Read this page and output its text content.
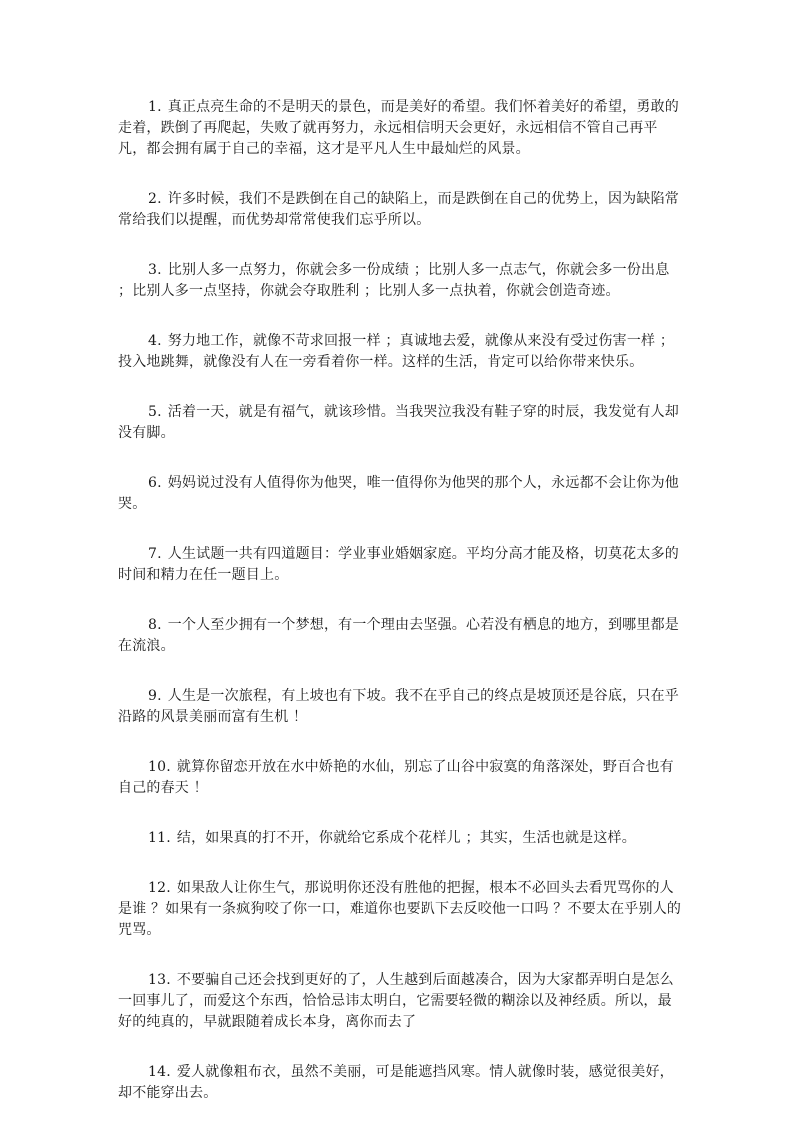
1. 真正点亮生命的不是明天的景色，而是美好的希望。我们怀着美好的希望，勇敢的走着，跌倒了再爬起，失败了就再努力，永远相信明天会更好，永远相信不管自己再平凡，都会拥有属于自己的幸福，这才是平凡人生中最灿烂的风景。

2. 许多时候，我们不是跌倒在自己的缺陷上，而是跌倒在自己的优势上，因为缺陷常常给我们以提醒，而优势却常常使我们忘乎所以。

3. 比别人多一点努力，你就会多一份成绩 ；比别人多一点志气，你就会多一份出息 ；比别人多一点坚持，你就会夺取胜利 ；比别人多一点执着，你就会创造奇迹。

4. 努力地工作，就像不苛求回报一样 ；真诚地去爱，就像从来没有受过伤害一样 ；投入地跳舞，就像没有人在一旁看着你一样。这样的生活，肯定可以给你带来快乐。

5. 活着一天，就是有福气，就该珍惜。当我哭泣我没有鞋子穿的时辰，我发觉有人却没有脚。

6. 妈妈说过没有人值得你为他哭，唯一值得你为他哭的那个人，永远都不会让你为他哭。

7. 人生试题一共有四道题目：学业事业婚姻家庭。平均分高才能及格，切莫花太多的时间和精力在任一题目上。

8. 一个人至少拥有一个梦想，有一个理由去坚强。心若没有栖息的地方，到哪里都是在流浪。

9. 人生是一次旅程，有上坡也有下坡。我不在乎自己的终点是坡顶还是谷底，只在乎沿路的风景美丽而富有生机 ！

10. 就算你留恋开放在水中娇艳的水仙，别忘了山谷中寂寞的角落深处，野百合也有自己的春天 ！

11. 结，如果真的打不开，你就给它系成个花样儿 ；其实，生活也就是这样。

12. 如果敌人让你生气，那说明你还没有胜他的把握，根本不必回头去看咒骂你的人是谁 ？如果有一条疯狗咬了你一口，难道你也要趴下去反咬他一口吗 ？不要太在乎别人的咒骂。

13. 不要骗自己还会找到更好的了，人生越到后面越凑合，因为大家都弄明白是怎么一回事儿了，而爱这个东西，恰恰忌讳太明白，它需要轻微的糊涂以及神经质。所以，最好的纯真的，早就跟随着成长本身，离你而去了

14. 爱人就像粗布衣，虽然不美丽，可是能遮挡风寒。情人就像时装，感觉很美好，却不能穿出去。
